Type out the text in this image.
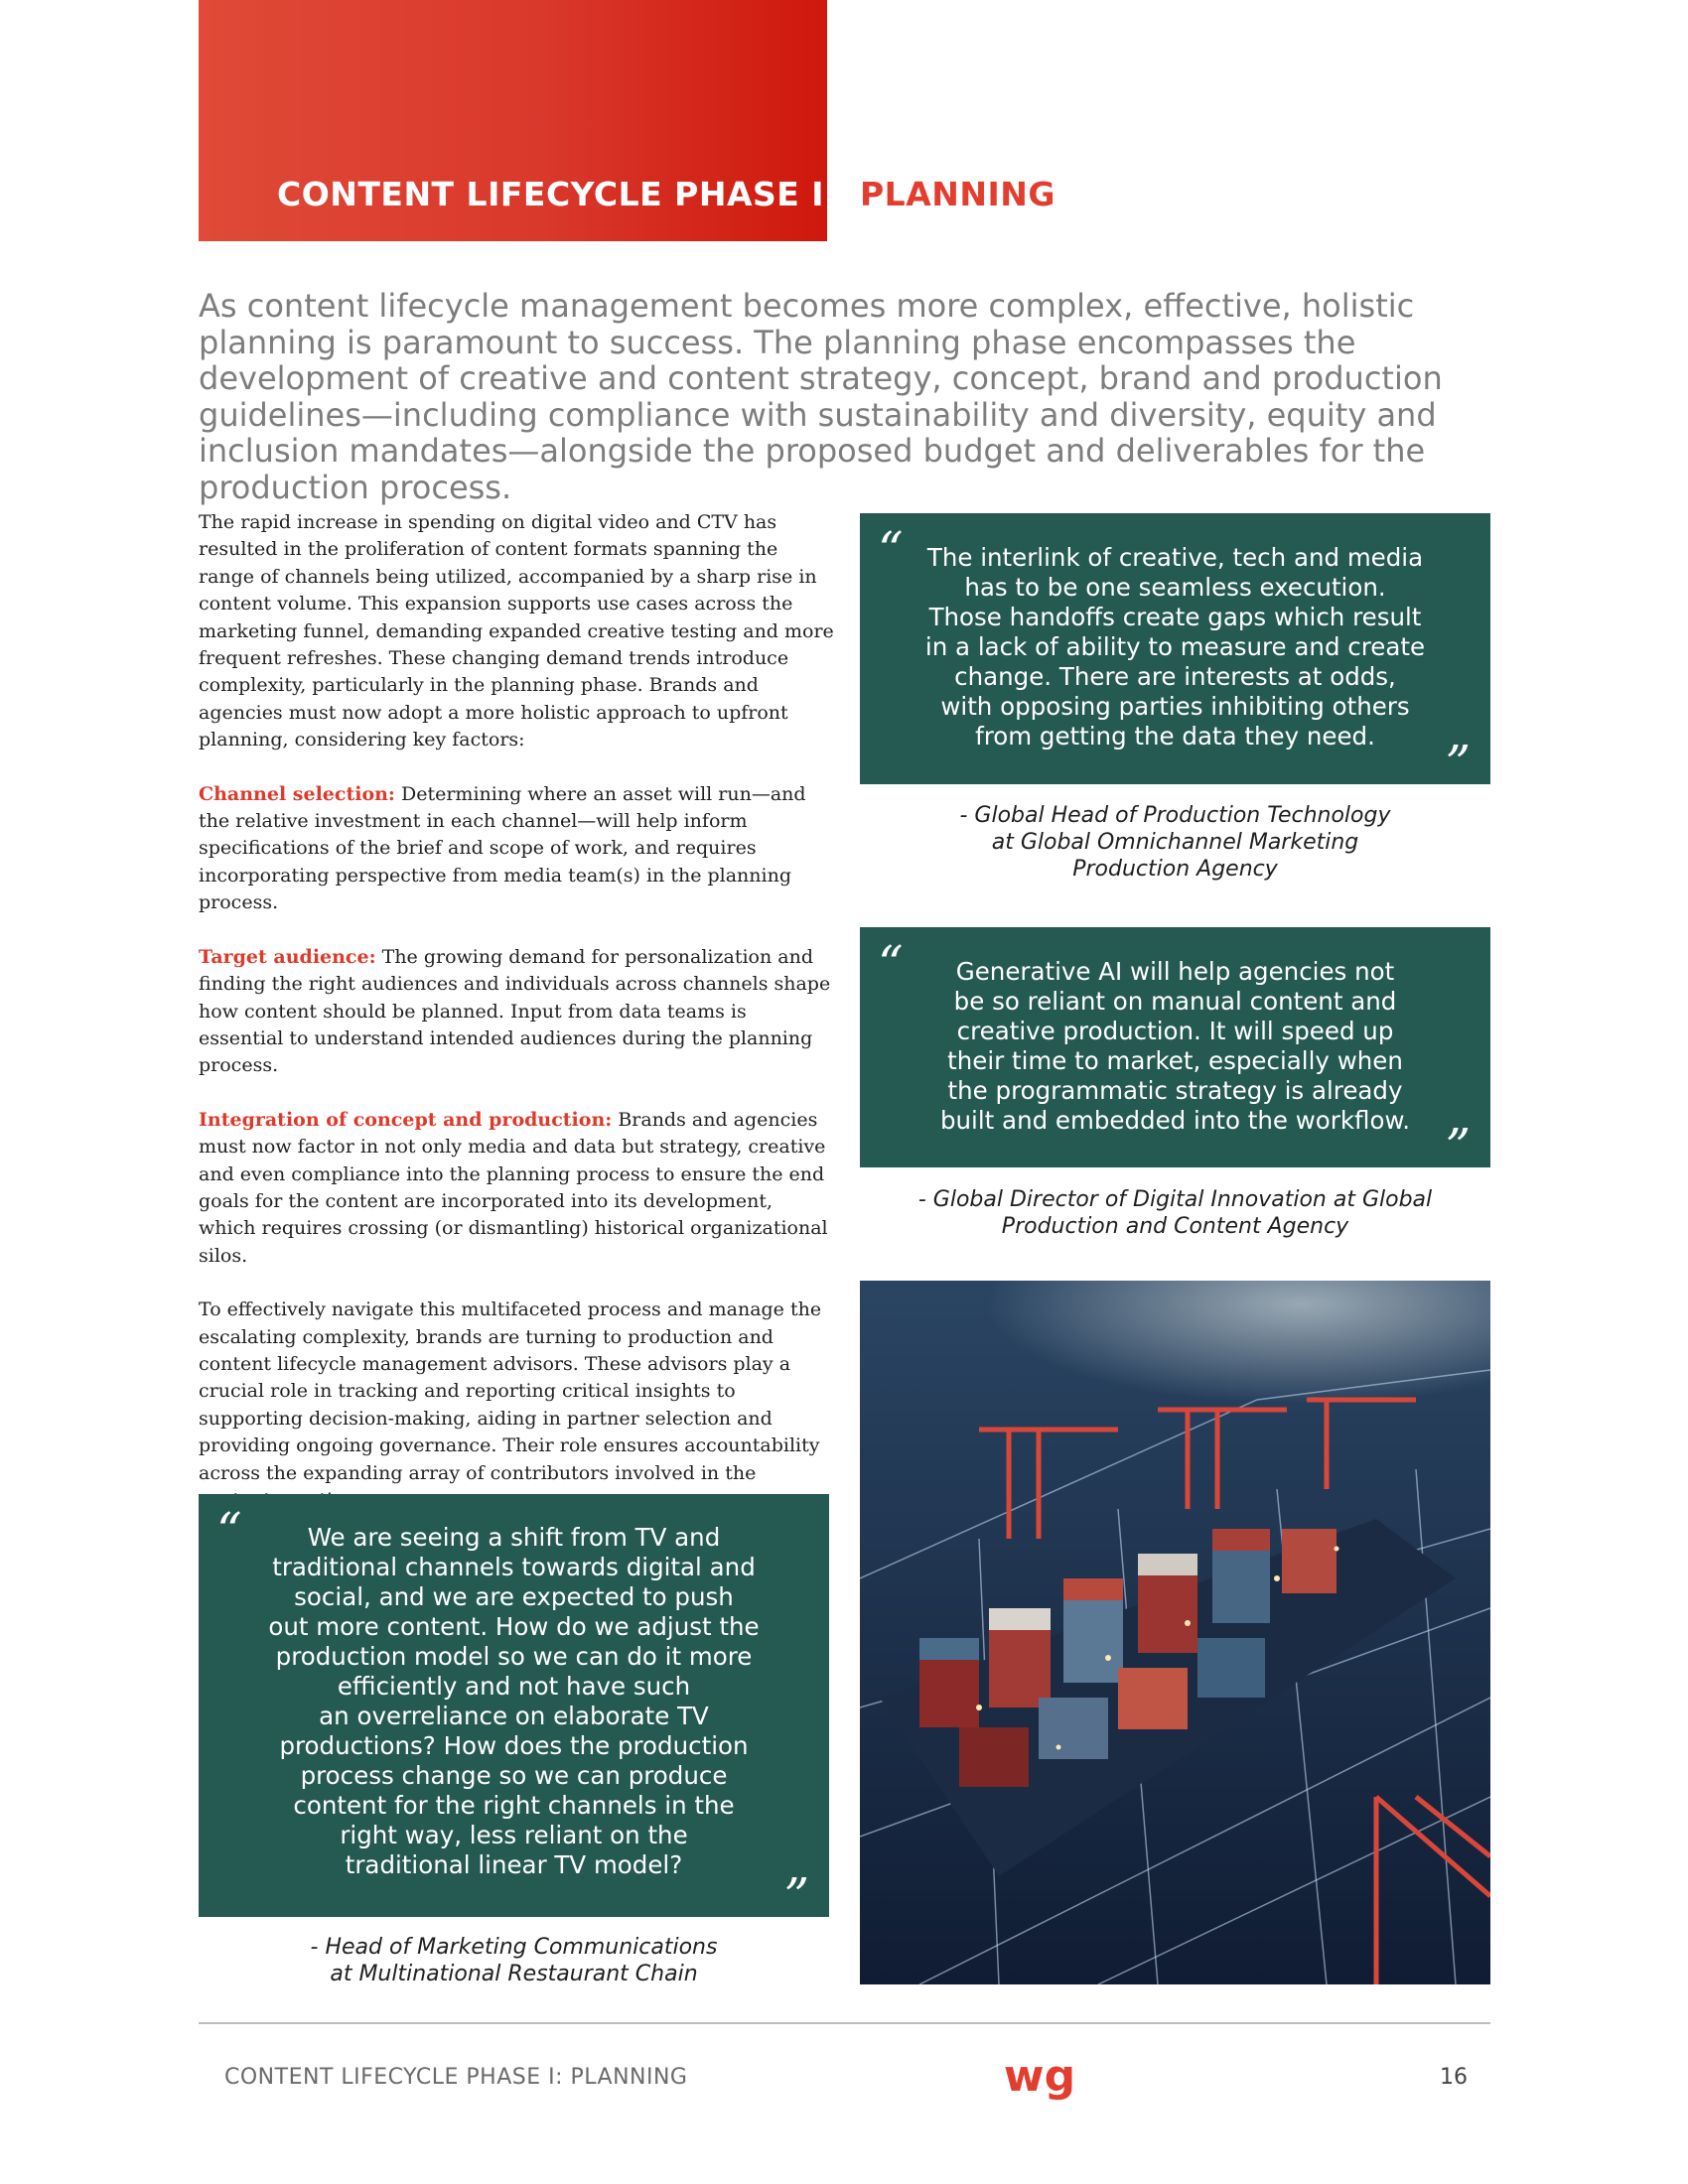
CONTENT LIFECYCLE PHASE I PLANNING

As content lifecycle management becomes more complex, effective, holistic planning is paramount to success. The planning phase encompasses the development of creative and content strategy, concept, brand and production guidelines—including compliance with sustainability and diversity, equity and inclusion mandates—alongside the proposed budget and deliverables for the production process.

The rapid increase in spending on digital video and CTV has resulted in the proliferation of content formats spanning the range of channels being utilized, accompanied by a sharp rise in content volume. This expansion supports use cases across the marketing funnel, demanding expanded creative testing and more frequent refreshes. These changing demand trends introduce complexity, particularly in the planning phase. Brands and agencies must now adopt a more holistic approach to upfront planning, considering key factors:

Channel selection: Determining where an asset will run—and the relative investment in each channel—will help inform specifications of the brief and scope of work, and requires incorporating perspective from media team(s) in the planning process.

Target audience: The growing demand for personalization and finding the right audiences and individuals across channels shape how content should be planned. Input from data teams is essential to understand intended audiences during the planning process.

Integration of concept and production: Brands and agencies must now factor in not only media and data but strategy, creative and even compliance into the planning process to ensure the end goals for the content are incorporated into its development, which requires crossing (or dismantling) historical organizational silos.

To effectively navigate this multifaceted process and manage the escalating complexity, brands are turning to production and content lifecycle management advisors. These advisors play a crucial role in tracking and reporting critical insights to supporting decision-making, aiding in partner selection and providing ongoing governance. Their role ensures accountability across the expanding array of contributors involved in the

“ The interlink of creative, tech and media
has to be one seamless execution.
Those handoffs create gaps which result
in a lack of ability to measure and create
change. There are interests at odds,
with opposing parties inhibiting others
from getting the data they need.	”
- Global Head of Production Technology
at Global Omnichannel Marketing
Production Agency
“	Generative AI will help agencies not
be so reliant on manual content and
creative production. It will speed up
their time to market, especially when
the programmatic strategy is already
built and embedded into the workflow. ”
- Global Director of Digital Innovation at Global
Production and Content Agency
“	We are seeing a shift from TV and
traditional channels towards digital and
social, and we are expected to push
out more content. How do we adjust the
production model so we can do it more
efficiently and not have such
an overreliance on elaborate TV
productions? How does the production
process change so we can produce
content for the right channels in the
right way, less reliant on the
traditional linear TV model?
”
- Head of Marketing Communications
at Multinational Restaurant Chain
CONTENT LIFECYCLE PHASE I: PLANNING	wg	16
